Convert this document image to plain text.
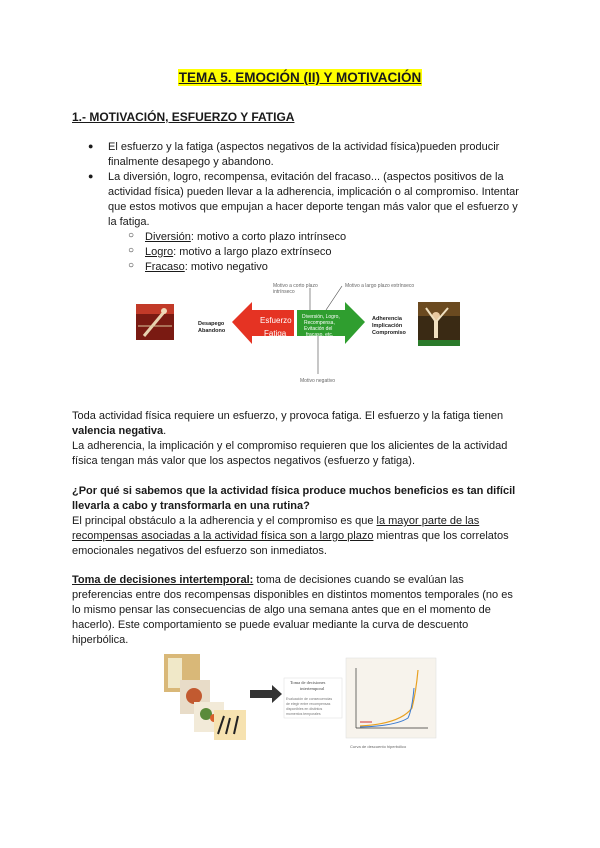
TEMA 5. EMOCIÓN (II) Y MOTIVACIÓN
1.- MOTIVACIÓN, ESFUERZO Y FATIGA
● El esfuerzo y la fatiga (aspectos negativos de la actividad física)pueden producir
finalmente desapego y abandono.
● La diversión, logro, recompensa, evitación del fracaso... (aspectos positivos de la
actividad física) pueden llevar a la adherencia, implicación o al compromiso. Intentar
que estos motivos que empujan a hacer deporte tengan más valor que el esfuerzo y
la fatiga.
○ Diversión: motivo a corto plazo intrínseco
○ Logro: motivo a largo plazo extrínseco
○ Fracaso: motivo negativo
Desapego
Abandono
Esfuerzo
Fatiga
Diversión, Logro,
Recompensa,
Evitación del
fracaso, etc.
Motivo a corto plazo
intrínseco
Motivo a largo plazo extrínseco
Motivo negativo
Adherencia
Implicación
Compromiso
Toda actividad física requiere un esfuerzo, y provoca fatiga. El esfuerzo y la fatiga tienen
valencia negativa.
La adherencia, la implicación y el compromiso requieren que los alicientes de la actividad
física tengan más valor que los aspectos negativos (esfuerzo y fatiga).
¿Por qué si sabemos que la actividad física produce muchos beneficios es tan difícil
llevarla a cabo y transformarla en una rutina?
El principal obstáculo a la adherencia y el compromiso es que la mayor parte de las
recompensas asociadas a la actividad física son a largo plazo mientras que los correlatos
emocionales negativos del esfuerzo son inmediatos.
Toma de decisiones intertemporal: toma de decisiones cuando se evalúan las
preferencias entre dos recompensas disponibles en distintos momentos temporales (no es
lo mismo pensar las consecuencias de algo una semana antes que en el momento de
hacerlo). Este comportamiento se puede evaluar mediante la curva de descuento
hiperbólica.
Toma de decisiones
intertemporal
Evaluación de consecuencias
de elegir entre recompensas
disponibles en distintos
momentos temporales
Curva de descuento hiperbólico
